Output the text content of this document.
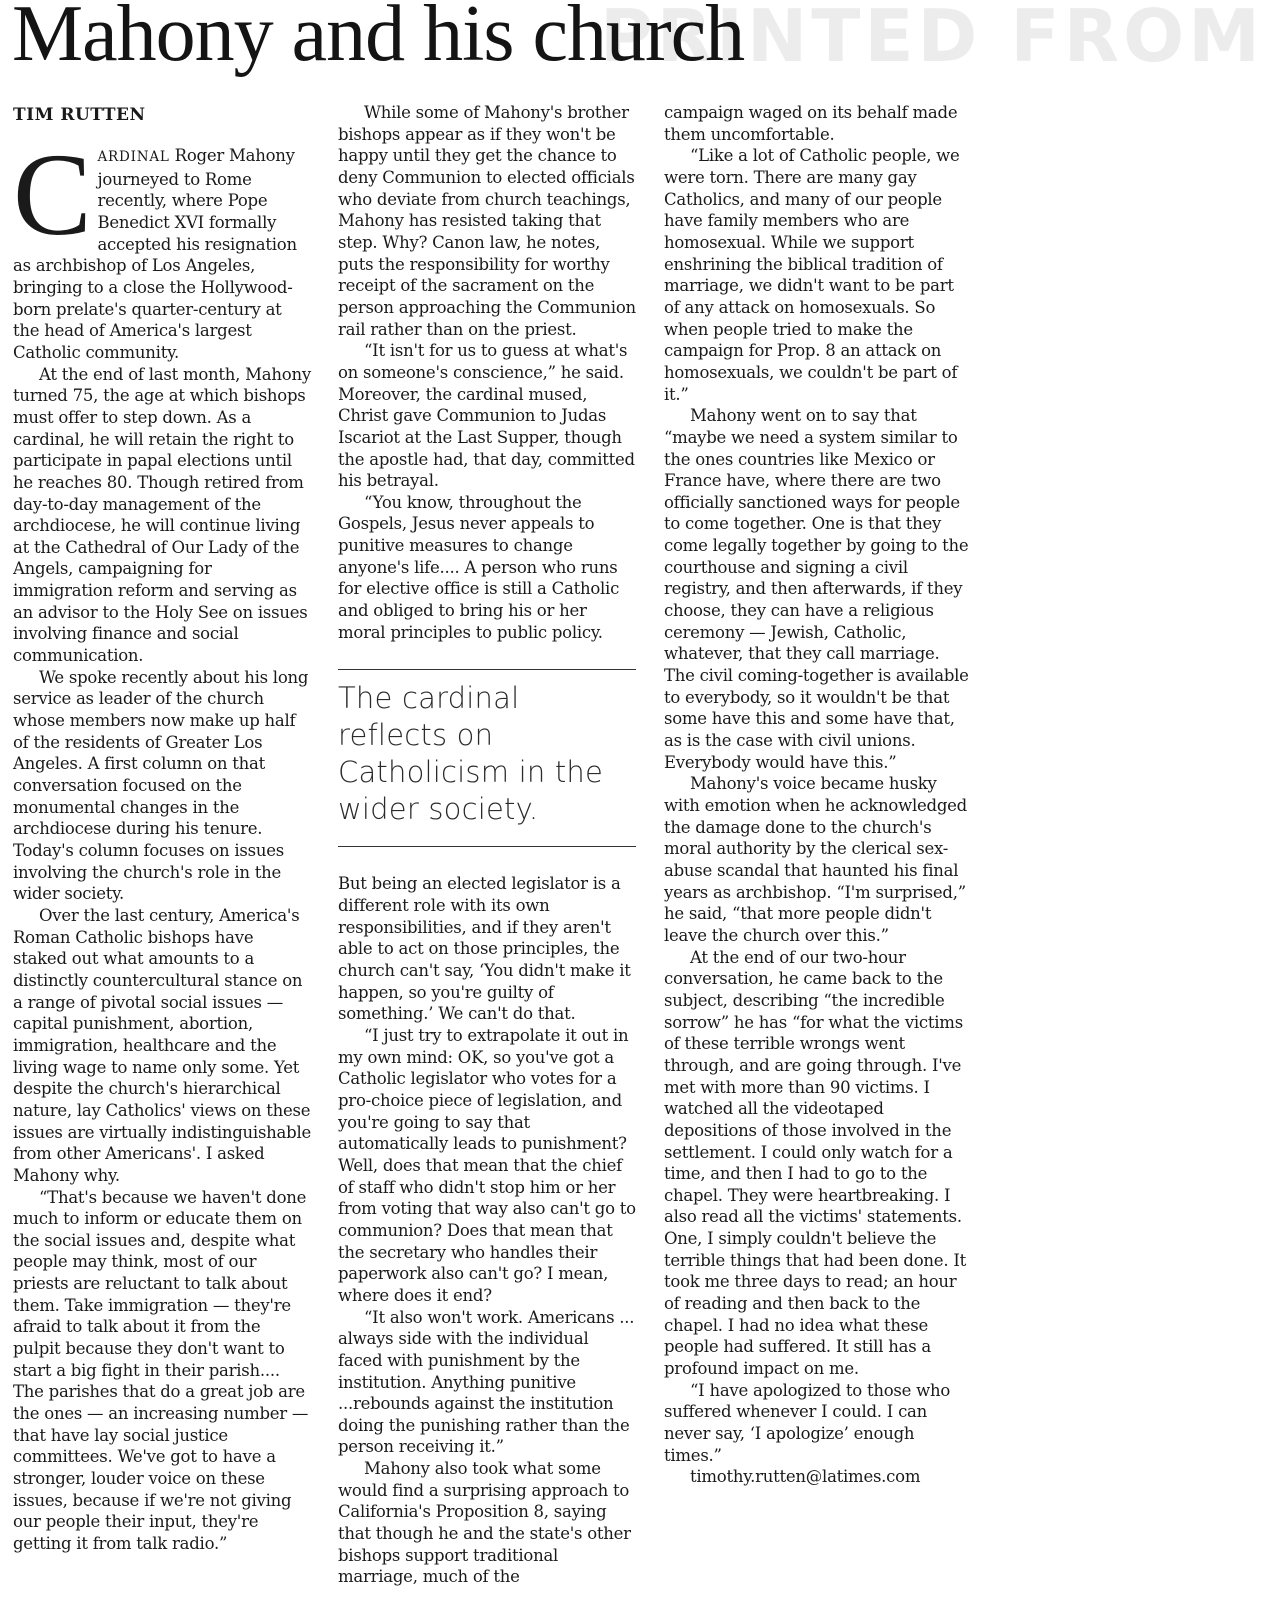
PRINTED FROM
Mahony and his church
TIM RUTTEN
C ARDINAL Roger Mahony journeyed to Rome recently, where Pope Benedict XVI formally accepted his resignation as archbishop of Los Angeles, bringing to a close the Hollywood-born prelate's quarter-century at the head of America's largest Catholic community.

At the end of last month, Mahony turned 75, the age at which bishops must offer to step down. As a cardinal, he will retain the right to participate in papal elections until he reaches 80. Though retired from day-to-day management of the archdiocese, he will continue living at the Cathedral of Our Lady of the Angels, campaigning for immigration reform and serving as an advisor to the Holy See on issues involving finance and social communication.

We spoke recently about his long service as leader of the church whose members now make up half of the residents of Greater Los Angeles. A first column on that conversation focused on the monumental changes in the archdiocese during his tenure. Today's column focuses on issues involving the church's role in the wider society.

Over the last century, America's Roman Catholic bishops have staked out what amounts to a distinctly countercultural stance on a range of pivotal social issues — capital punishment, abortion, immigration, healthcare and the living wage to name only some. Yet despite the church's hierarchical nature, lay Catholics' views on these issues are virtually indistinguishable from other Americans'. I asked Mahony why.

“That's because we haven't done much to inform or educate them on the social issues and, despite what people may think, most of our priests are reluctant to talk about them. Take immigration — they're afraid to talk about it from the pulpit because they don't want to start a big fight in their parish.... The parishes that do a great job are the ones — an increasing number — that have lay social justice committees. We've got to have a stronger, louder voice on these issues, because if we're not giving our people their input, they're getting it from talk radio.”

While some of Mahony's brother bishops appear as if they won't be happy until they get the chance to deny Communion to elected officials who deviate from church teachings, Mahony has resisted taking that step. Why? Canon law, he notes, puts the responsibility for worthy receipt of the sacrament on the person approaching the Communion rail rather than on the priest.

“It isn't for us to guess at what's on someone's conscience,” he said. Moreover, the cardinal mused, Christ gave Communion to Judas Iscariot at the Last Supper, though the apostle had, that day, committed his betrayal.

“You know, throughout the Gospels, Jesus never appeals to punitive measures to change anyone's life.... A person who runs for elective office is still a Catholic and obliged to bring his or her moral principles to public policy.

The cardinal reflects on Catholicism in the wider society.

But being an elected legislator is a different role with its own responsibilities, and if they aren't able to act on those principles, the church can't say, ‘You didn't make it happen, so you're guilty of something.’ We can't do that.

“I just try to extrapolate it out in my own mind: OK, so you've got a Catholic legislator who votes for a pro-choice piece of legislation, and you're going to say that automatically leads to punishment? Well, does that mean that the chief of staff who didn't stop him or her from voting that way also can't go to communion? Does that mean that the secretary who handles their paperwork also can't go? I mean, where does it end?

“It also won't work. Americans ... always side with the individual faced with punishment by the institution. Anything punitive ...rebounds against the institution doing the punishing rather than the person receiving it.”

Mahony also took what some would find a surprising approach to California's Proposition 8, saying that though he and the state's other bishops support traditional marriage, much of the

campaign waged on its behalf made them uncomfortable.

“Like a lot of Catholic people, we were torn. There are many gay Catholics, and many of our people have family members who are homosexual. While we support enshrining the biblical tradition of marriage, we didn't want to be part of any attack on homosexuals. So when people tried to make the campaign for Prop. 8 an attack on homosexuals, we couldn't be part of it.”

Mahony went on to say that “maybe we need a system similar to the ones countries like Mexico or France have, where there are two officially sanctioned ways for people to come together. One is that they come legally together by going to the courthouse and signing a civil registry, and then afterwards, if they choose, they can have a religious ceremony — Jewish, Catholic, whatever, that they call marriage. The civil coming-together is available to everybody, so it wouldn't be that some have this and some have that, as is the case with civil unions. Everybody would have this.”

Mahony's voice became husky with emotion when he acknowledged the damage done to the church's moral authority by the clerical sex-abuse scandal that haunted his final years as archbishop. “I'm surprised,” he said, “that more people didn't leave the church over this.”

At the end of our two-hour conversation, he came back to the subject, describing “the incredible sorrow” he has “for what the victims of these terrible wrongs went through, and are going through. I've met with more than 90 victims. I watched all the videotaped depositions of those involved in the settlement. I could only watch for a time, and then I had to go to the chapel. They were heartbreaking. I also read all the victims' statements. One, I simply couldn't believe the terrible things that had been done. It took me three days to read; an hour of reading and then back to the chapel. I had no idea what these people had suffered. It still has a profound impact on me.

“I have apologized to those who suffered whenever I could. I can never say, ‘I apologize’ enough times.”

timothy.rutten@latimes.com
